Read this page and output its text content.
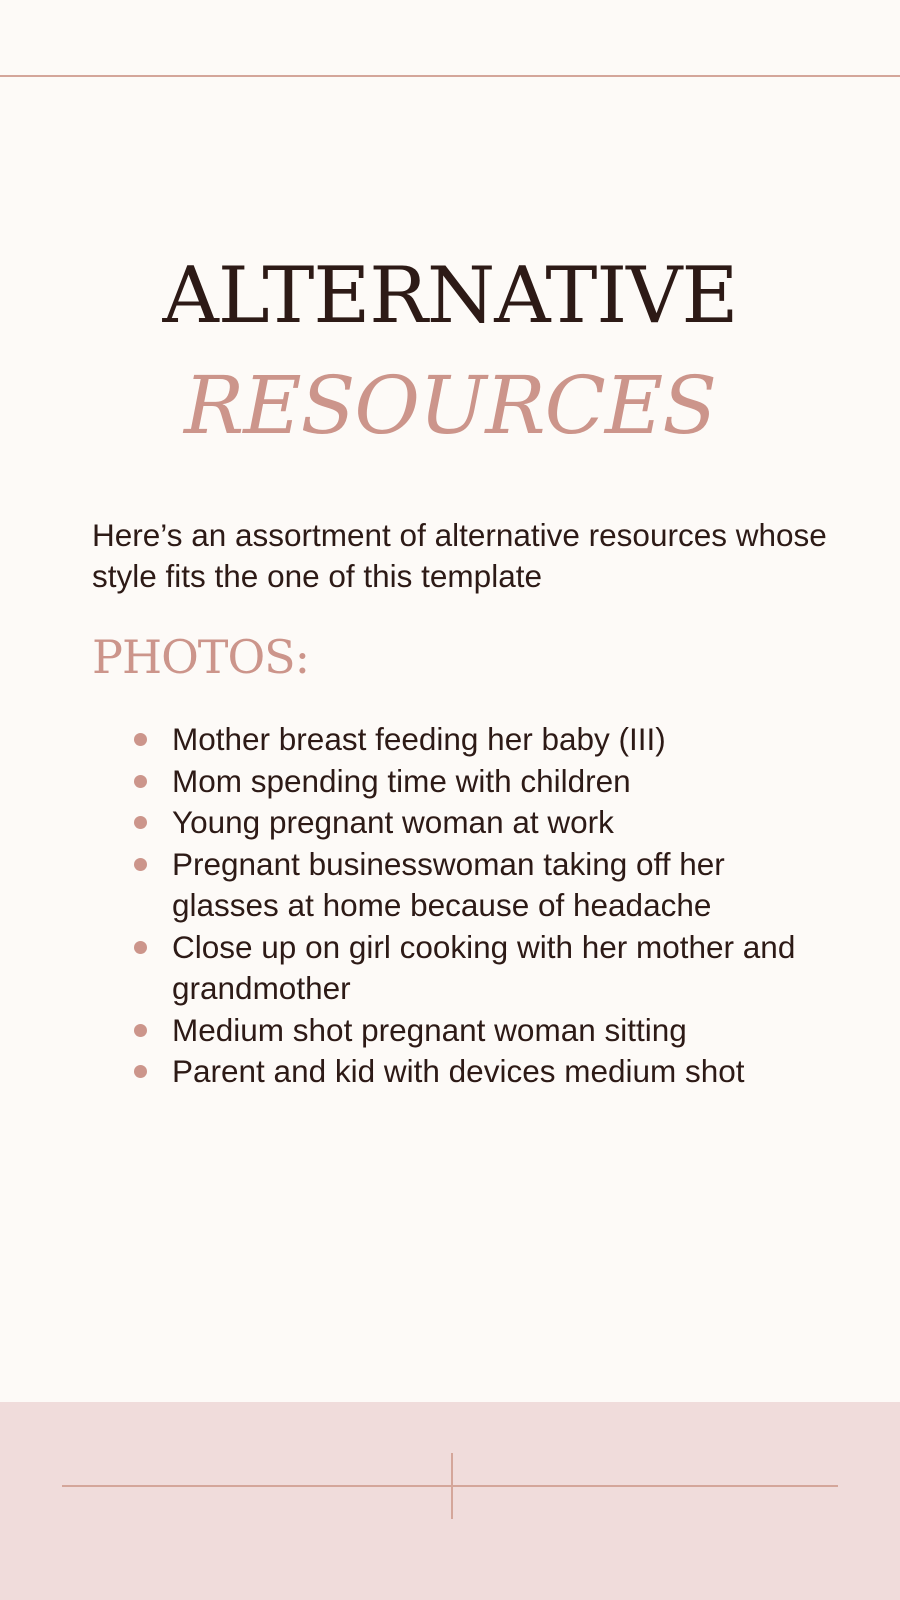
ALTERNATIVE
RESOURCES

Here’s an assortment of alternative resources whose style fits the one of this template

PHOTOS:
Mother breast feeding her baby (III)
Mom spending time with children
Young pregnant woman at work
Pregnant businesswoman taking off her glasses at home because of headache
Close up on girl cooking with her mother and grandmother
Medium shot pregnant woman sitting
Parent and kid with devices medium shot
